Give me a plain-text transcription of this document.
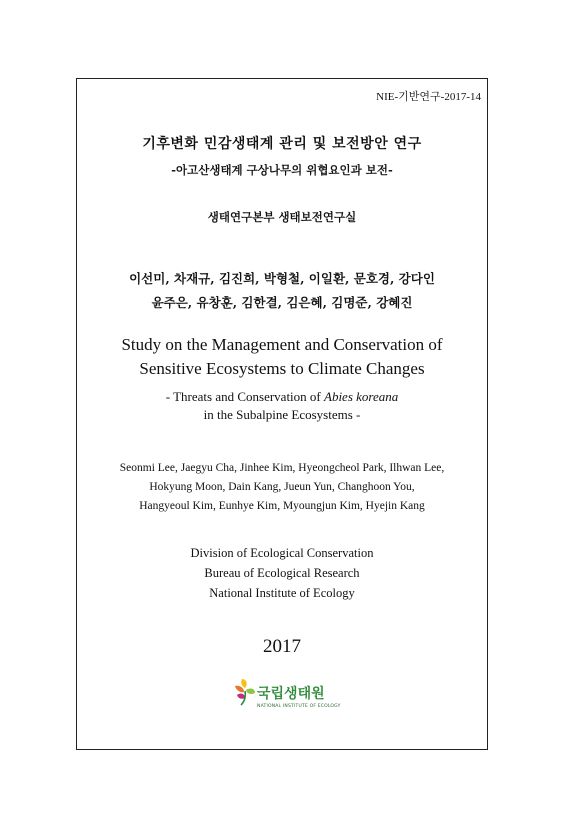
NIE-기반연구-2017-14
기후변화 민감생태계 관리 및 보전방안 연구
-아고산생태계 구상나무의 위협요인과 보전-
생태연구본부 생태보전연구실
이선미, 차재규, 김진희, 박형철, 이일환, 문호경, 강다인
윤주은, 유창훈, 김한결, 김은혜, 김명준, 강혜진
Study on the Management and Conservation of
Sensitive Ecosystems to Climate Changes
- Threats and Conservation of Abies koreana
in the Subalpine Ecosystems -
Seonmi Lee, Jaegyu Cha, Jinhee Kim, Hyeongcheol Park, Ilhwan Lee,
Hokyung Moon, Dain Kang, Jueun Yun, Changhoon You,
Hangyeoul Kim, Eunhye Kim, Myoungjun Kim, Hyejin Kang
Division of Ecological Conservation
Bureau of Ecological Research
National Institute of Ecology
2017
국립생태원
NATIONAL INSTITUTE OF ECOLOGY
